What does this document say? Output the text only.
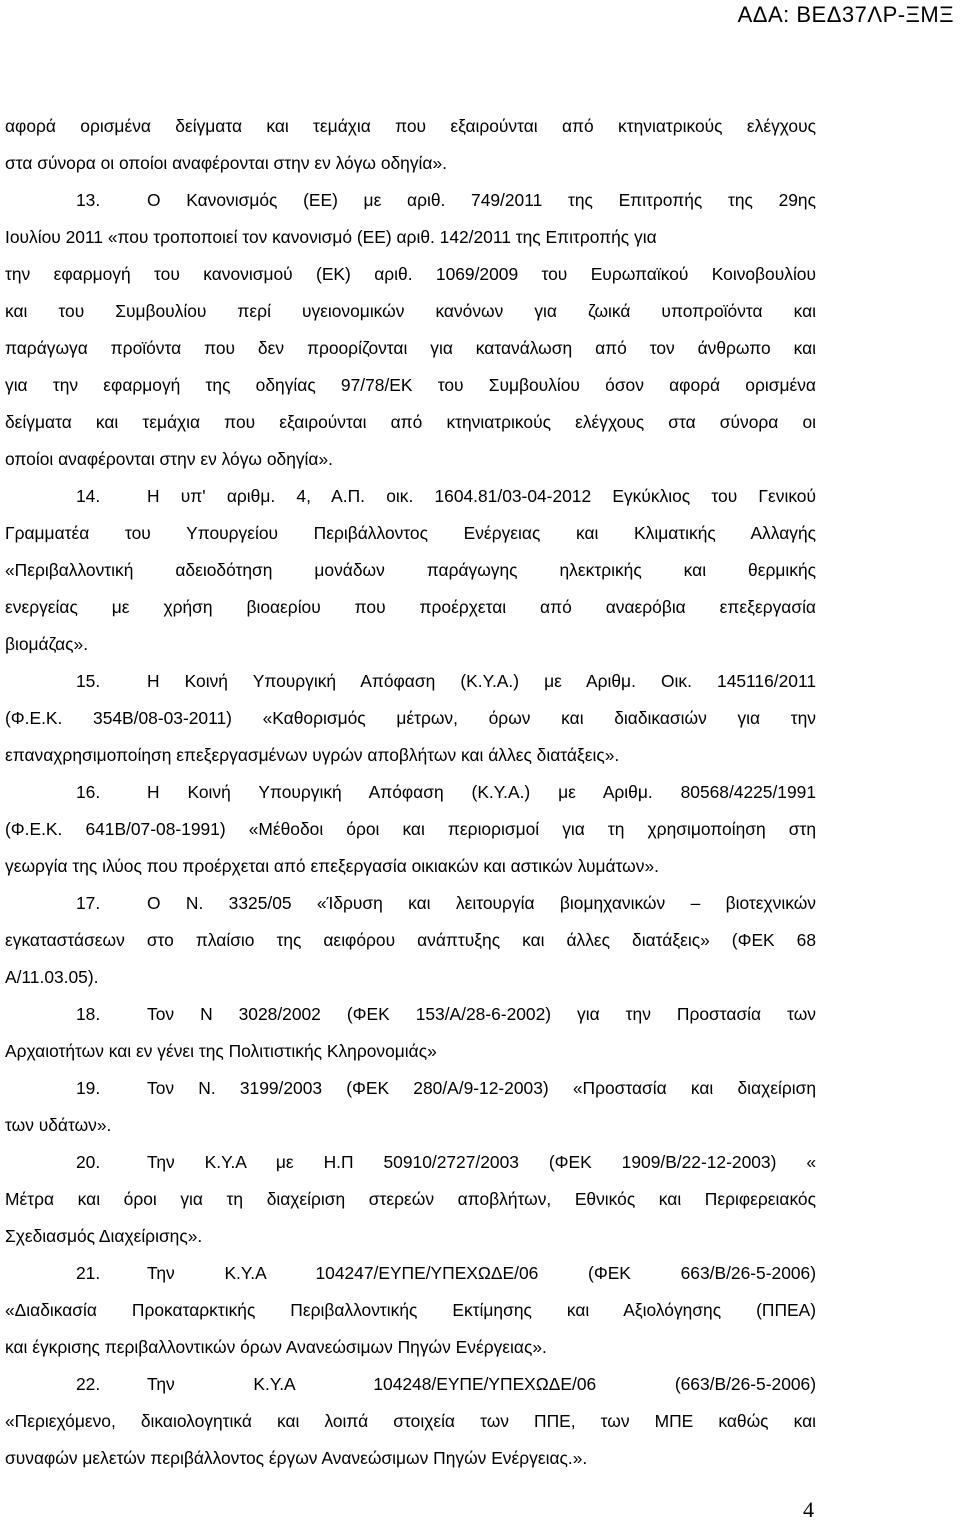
ΑΔΑ: ΒΕΔ37ΛΡ-ΞΜΞ
αφορά ορισμένα δείγματα και τεμάχια που εξαιρούνται από κτηνιατρικούς ελέγχους
στα σύνορα οι οποίοι αναφέρονται στην εν λόγω οδηγία».
13.	Ο Κανονισμός (ΕΕ) με αριθ. 749/2011 της Επιτροπής της 29ης
Ιουλίου 2011 «που τροποποιεί τον κανονισμό (ΕΕ) αριθ. 142/2011 της Επιτροπής για
την εφαρμογή του κανονισμού (ΕΚ) αριθ. 1069/2009 του Ευρωπαϊκού Κοινοβουλίου
και του Συμβουλίου περί υγειονομικών κανόνων για ζωικά υποπροϊόντα και
παράγωγα προϊόντα που δεν προορίζονται για κατανάλωση από τον άνθρωπο και
για την εφαρμογή της οδηγίας 97/78/ΕΚ του Συμβουλίου όσον αφορά ορισμένα
δείγματα και τεμάχια που εξαιρούνται από κτηνιατρικούς ελέγχους στα σύνορα οι
οποίοι αναφέρονται στην εν λόγω οδηγία».
14.	Η υπ' αριθμ. 4, Α.Π. οικ. 1604.81/03-04-2012 Εγκύκλιος του Γενικού
Γραμματέα του Υπουργείου Περιβάλλοντος Ενέργειας και Κλιματικής Αλλαγής
«Περιβαλλοντική αδειοδότηση μονάδων παράγωγης ηλεκτρικής και θερμικής
ενεργείας με χρήση βιοαερίου που προέρχεται από αναερόβια επεξεργασία
βιομάζας».
15.	Η Κοινή Υπουργική Απόφαση (Κ.Υ.Α.) με Αριθμ. Οικ. 145116/2011
(Φ.Ε.Κ. 354Β/08-03-2011) «Καθορισμός μέτρων, όρων και διαδικασιών για την
επαναχρησιμοποίηση επεξεργασμένων υγρών αποβλήτων και άλλες διατάξεις».
16.	Η Κοινή Υπουργική Απόφαση (Κ.Υ.Α.) με Αριθμ. 80568/4225/1991
(Φ.Ε.Κ. 641Β/07-08-1991) «Μέθοδοι όροι και περιορισμοί για τη χρησιμοποίηση στη
γεωργία της ιλύος που προέρχεται από επεξεργασία οικιακών και αστικών λυμάτων».
17.	Ο Ν. 3325/05 «Ίδρυση και λειτουργία βιομηχανικών – βιοτεχνικών
εγκαταστάσεων στο πλαίσιο της αειφόρου ανάπτυξης και άλλες διατάξεις» (ΦΕΚ 68
Α/11.03.05).
18.	Τον Ν 3028/2002 (ΦΕΚ 153/Α/28-6-2002) για την Προστασία των
Αρχαιοτήτων και εν γένει της Πολιτιστικής Κληρονομιάς»
19.	Τον Ν. 3199/2003 (ΦΕΚ 280/Α/9-12-2003) «Προστασία και διαχείριση
των υδάτων».
20.	Την Κ.Υ.Α με Η.Π 50910/2727/2003 (ΦΕΚ 1909/Β/22-12-2003) «
Μέτρα και όροι για τη διαχείριση στερεών αποβλήτων, Εθνικός και Περιφερειακός
Σχεδιασμός Διαχείρισης».
21.	Την Κ.Υ.Α 104247/ΕΥΠΕ/ΥΠΕΧΩΔΕ/06 (ΦΕΚ 663/Β/26-5-2006)
«Διαδικασία Προκαταρκτικής Περιβαλλοντικής Εκτίμησης και Αξιολόγησης (ΠΠΕΑ)
και έγκρισης περιβαλλοντικών όρων Ανανεώσιμων Πηγών Ενέργειας».
22.	Την Κ.Υ.Α 104248/ΕΥΠΕ/ΥΠΕΧΩΔΕ/06 (663/Β/26-5-2006)
«Περιεχόμενο, δικαιολογητικά και λοιπά στοιχεία των ΠΠΕ, των ΜΠΕ καθώς και
συναφών μελετών περιβάλλοντος έργων Ανανεώσιμων Πηγών Ενέργειας.».
4
